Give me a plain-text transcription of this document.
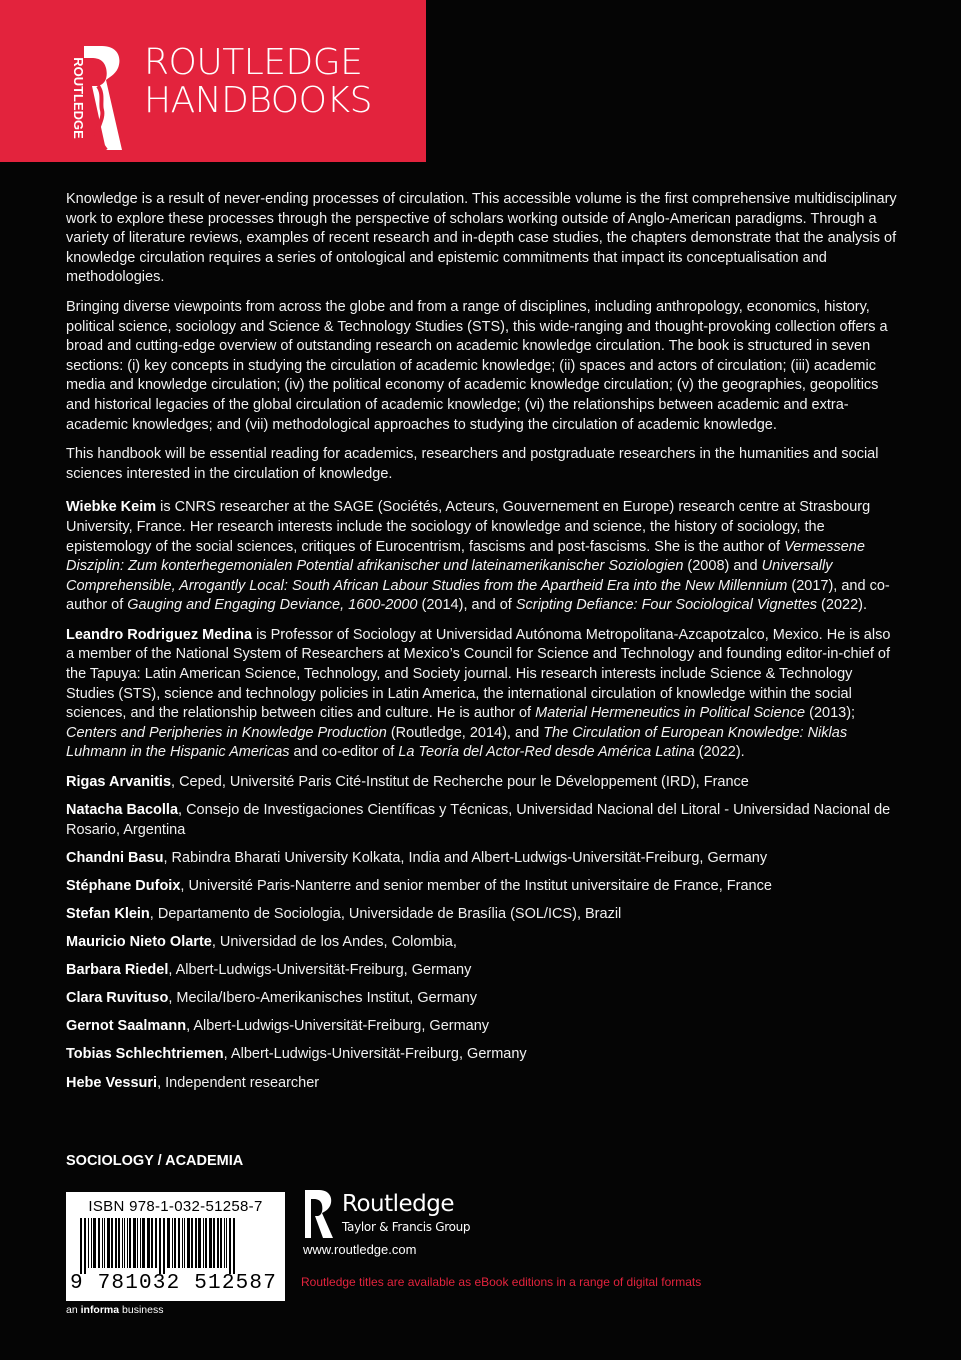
ROUTLEDGE ROUTLEDGE
HANDBOOKS

Knowledge is a result of never-ending processes of circulation. This accessible volume is the first comprehensive multidisciplinary work to explore these processes through the perspective of scholars working outside of Anglo-American paradigms. Through a variety of literature reviews, examples of recent research and in-depth case studies, the chapters demonstrate that the analysis of knowledge circulation requires a series of ontological and epistemic commitments that impact its conceptualisation and methodologies.

Bringing diverse viewpoints from across the globe and from a range of disciplines, including anthropology, economics, history, political science, sociology and Science & Technology Studies (STS), this wide-ranging and thought-provoking collection offers a broad and cutting-edge overview of outstanding research on academic knowledge circulation. The book is structured in seven sections: (i) key concepts in studying the circulation of academic knowledge; (ii) spaces and actors of circulation; (iii) academic media and knowledge circulation; (iv) the political economy of academic knowledge circulation; (v) the geographies, geopolitics and historical legacies of the global circulation of academic knowledge; (vi) the relationships between academic and extra-academic knowledges; and (vii) methodological approaches to studying the circulation of academic knowledge.

This handbook will be essential reading for academics, researchers and postgraduate researchers in the humanities and social sciences interested in the circulation of knowledge.

Wiebke Keim is CNRS researcher at the SAGE (Sociétés, Acteurs, Gouvernement en Europe) research centre at Strasbourg University, France. Her research interests include the sociology of knowledge and science, the history of sociology, the epistemology of the social sciences, critiques of Eurocentrism, fascisms and post-fascisms. She is the author of Vermessene Disziplin: Zum konterhegemonialen Potential afrikanischer und lateinamerikanischer Soziologien (2008) and Universally Comprehensible, Arrogantly Local: South African Labour Studies from the Apartheid Era into the New Millennium (2017), and co-author of Gauging and Engaging Deviance, 1600-2000 (2014), and of Scripting Defiance: Four Sociological Vignettes (2022).

Leandro Rodriguez Medina is Professor of Sociology at Universidad Autónoma Metropolitana-Azcapotzalco, Mexico. He is also a member of the National System of Researchers at Mexico’s Council for Science and Technology and founding editor-in-chief of the Tapuya: Latin American Science, Technology, and Society journal. His research interests include Science & Technology Studies (STS), science and technology policies in Latin America, the international circulation of knowledge within the social sciences, and the relationship between cities and culture. He is author of Material Hermeneutics in Political Science (2013); Centers and Peripheries in Knowledge Production (Routledge, 2014), and The Circulation of European Knowledge: Niklas Luhmann in the Hispanic Americas and co-editor of La Teoría del Actor-Red desde América Latina (2022).

Rigas Arvanitis, Ceped, Université Paris Cité-Institut de Recherche pour le Développement (IRD), France

Natacha Bacolla, Consejo de Investigaciones Científicas y Técnicas, Universidad Nacional del Litoral - Universidad Nacional de Rosario, Argentina

Chandni Basu, Rabindra Bharati University Kolkata, India and Albert-Ludwigs-Universität-Freiburg, Germany

Stéphane Dufoix, Université Paris-Nanterre and senior member of the Institut universitaire de France, France

Stefan Klein, Departamento de Sociologia, Universidade de Brasília (SOL/ICS), Brazil

Mauricio Nieto Olarte, Universidad de los Andes, Colombia,

Barbara Riedel, Albert-Ludwigs-Universität-Freiburg, Germany

Clara Ruvituso, Mecila/Ibero-Amerikanisches Institut, Germany

Gernot Saalmann, Albert-Ludwigs-Universität-Freiburg, Germany

Tobias Schlechtriemen, Albert-Ludwigs-Universität-Freiburg, Germany

Hebe Vessuri, Independent researcher

SOCIOLOGY / ACADEMIA
ISBN 978-1-032-51258-7
9 781032 512587
an informa business
Routledge
Taylor & Francis Group
www.routledge.com
Routledge titles are available as eBook editions in a range of digital formats
